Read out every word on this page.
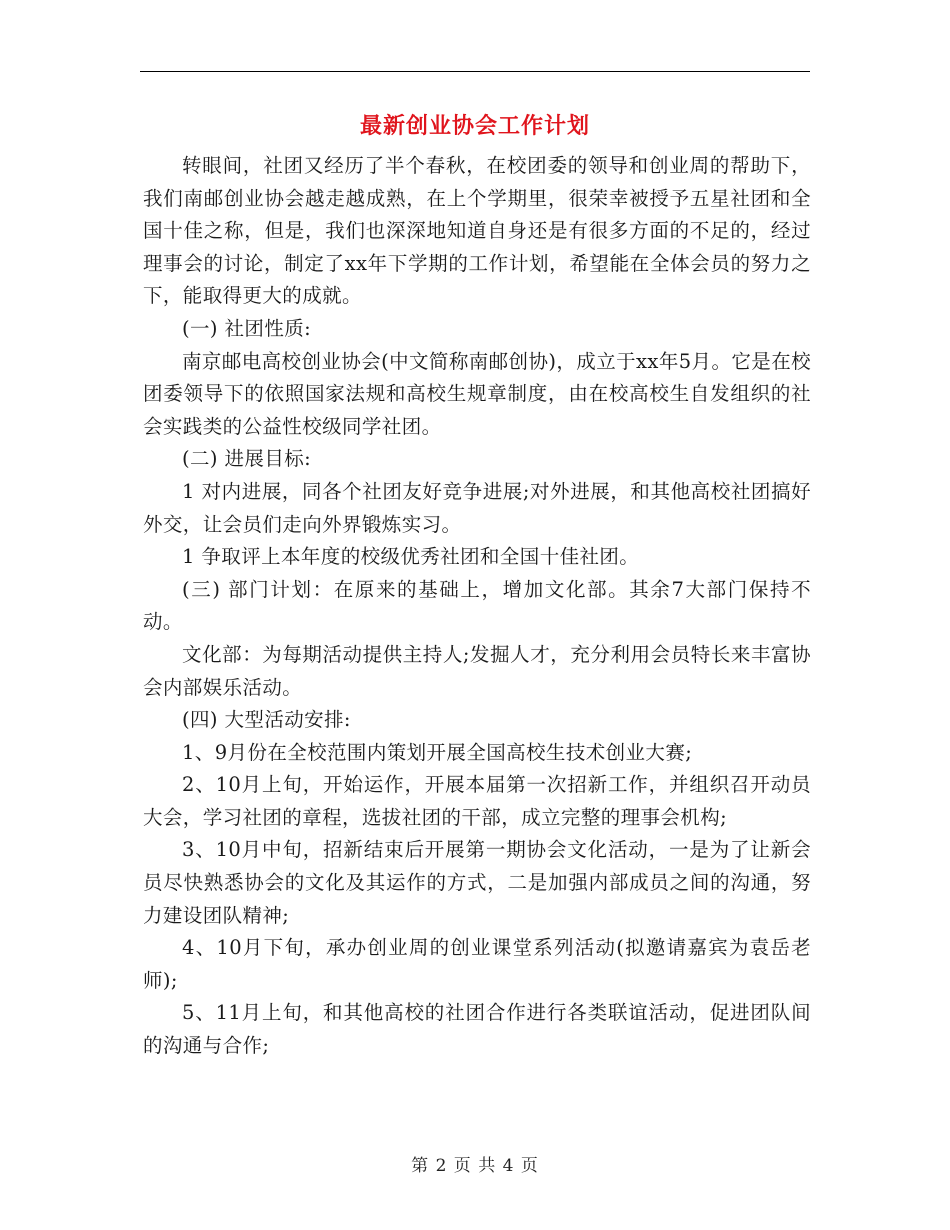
最新创业协会工作计划

转眼间，社团又经历了半个春秋，在校团委的领导和创业周的帮助下，我们南邮创业协会越走越成熟，在上个学期里，很荣幸被授予五星社团和全国十佳之称，但是，我们也深深地知道自身还是有很多方面的不足的，经过理事会的讨论，制定了xx年下学期的工作计划，希望能在全体会员的努力之下，能取得更大的成就。

(一) 社团性质:

南京邮电高校创业协会(中文简称南邮创协)，成立于xx年5月。它是在校团委领导下的依照国家法规和高校生规章制度，由在校高校生自发组织的社会实践类的公益性校级同学社团。

(二) 进展目标:

1 对内进展，同各个社团友好竞争进展;对外进展，和其他高校社团搞好外交，让会员们走向外界锻炼实习。

1 争取评上本年度的校级优秀社团和全国十佳社团。

(三) 部门计划：在原来的基础上，增加文化部。其余7大部门保持不动。

文化部：为每期活动提供主持人;发掘人才，充分利用会员特长来丰富协会内部娱乐活动。

(四) 大型活动安排:

1、9月份在全校范围内策划开展全国高校生技术创业大赛;

2、10月上旬，开始运作，开展本届第一次招新工作，并组织召开动员大会，学习社团的章程，选拔社团的干部，成立完整的理事会机构;

3、10月中旬，招新结束后开展第一期协会文化活动，一是为了让新会员尽快熟悉协会的文化及其运作的方式，二是加强内部成员之间的沟通，努力建设团队精神;

4、10月下旬，承办创业周的创业课堂系列活动(拟邀请嘉宾为袁岳老师);

5、11月上旬，和其他高校的社团合作进行各类联谊活动，促进团队间的沟通与合作;

第 2 页 共 4 页
